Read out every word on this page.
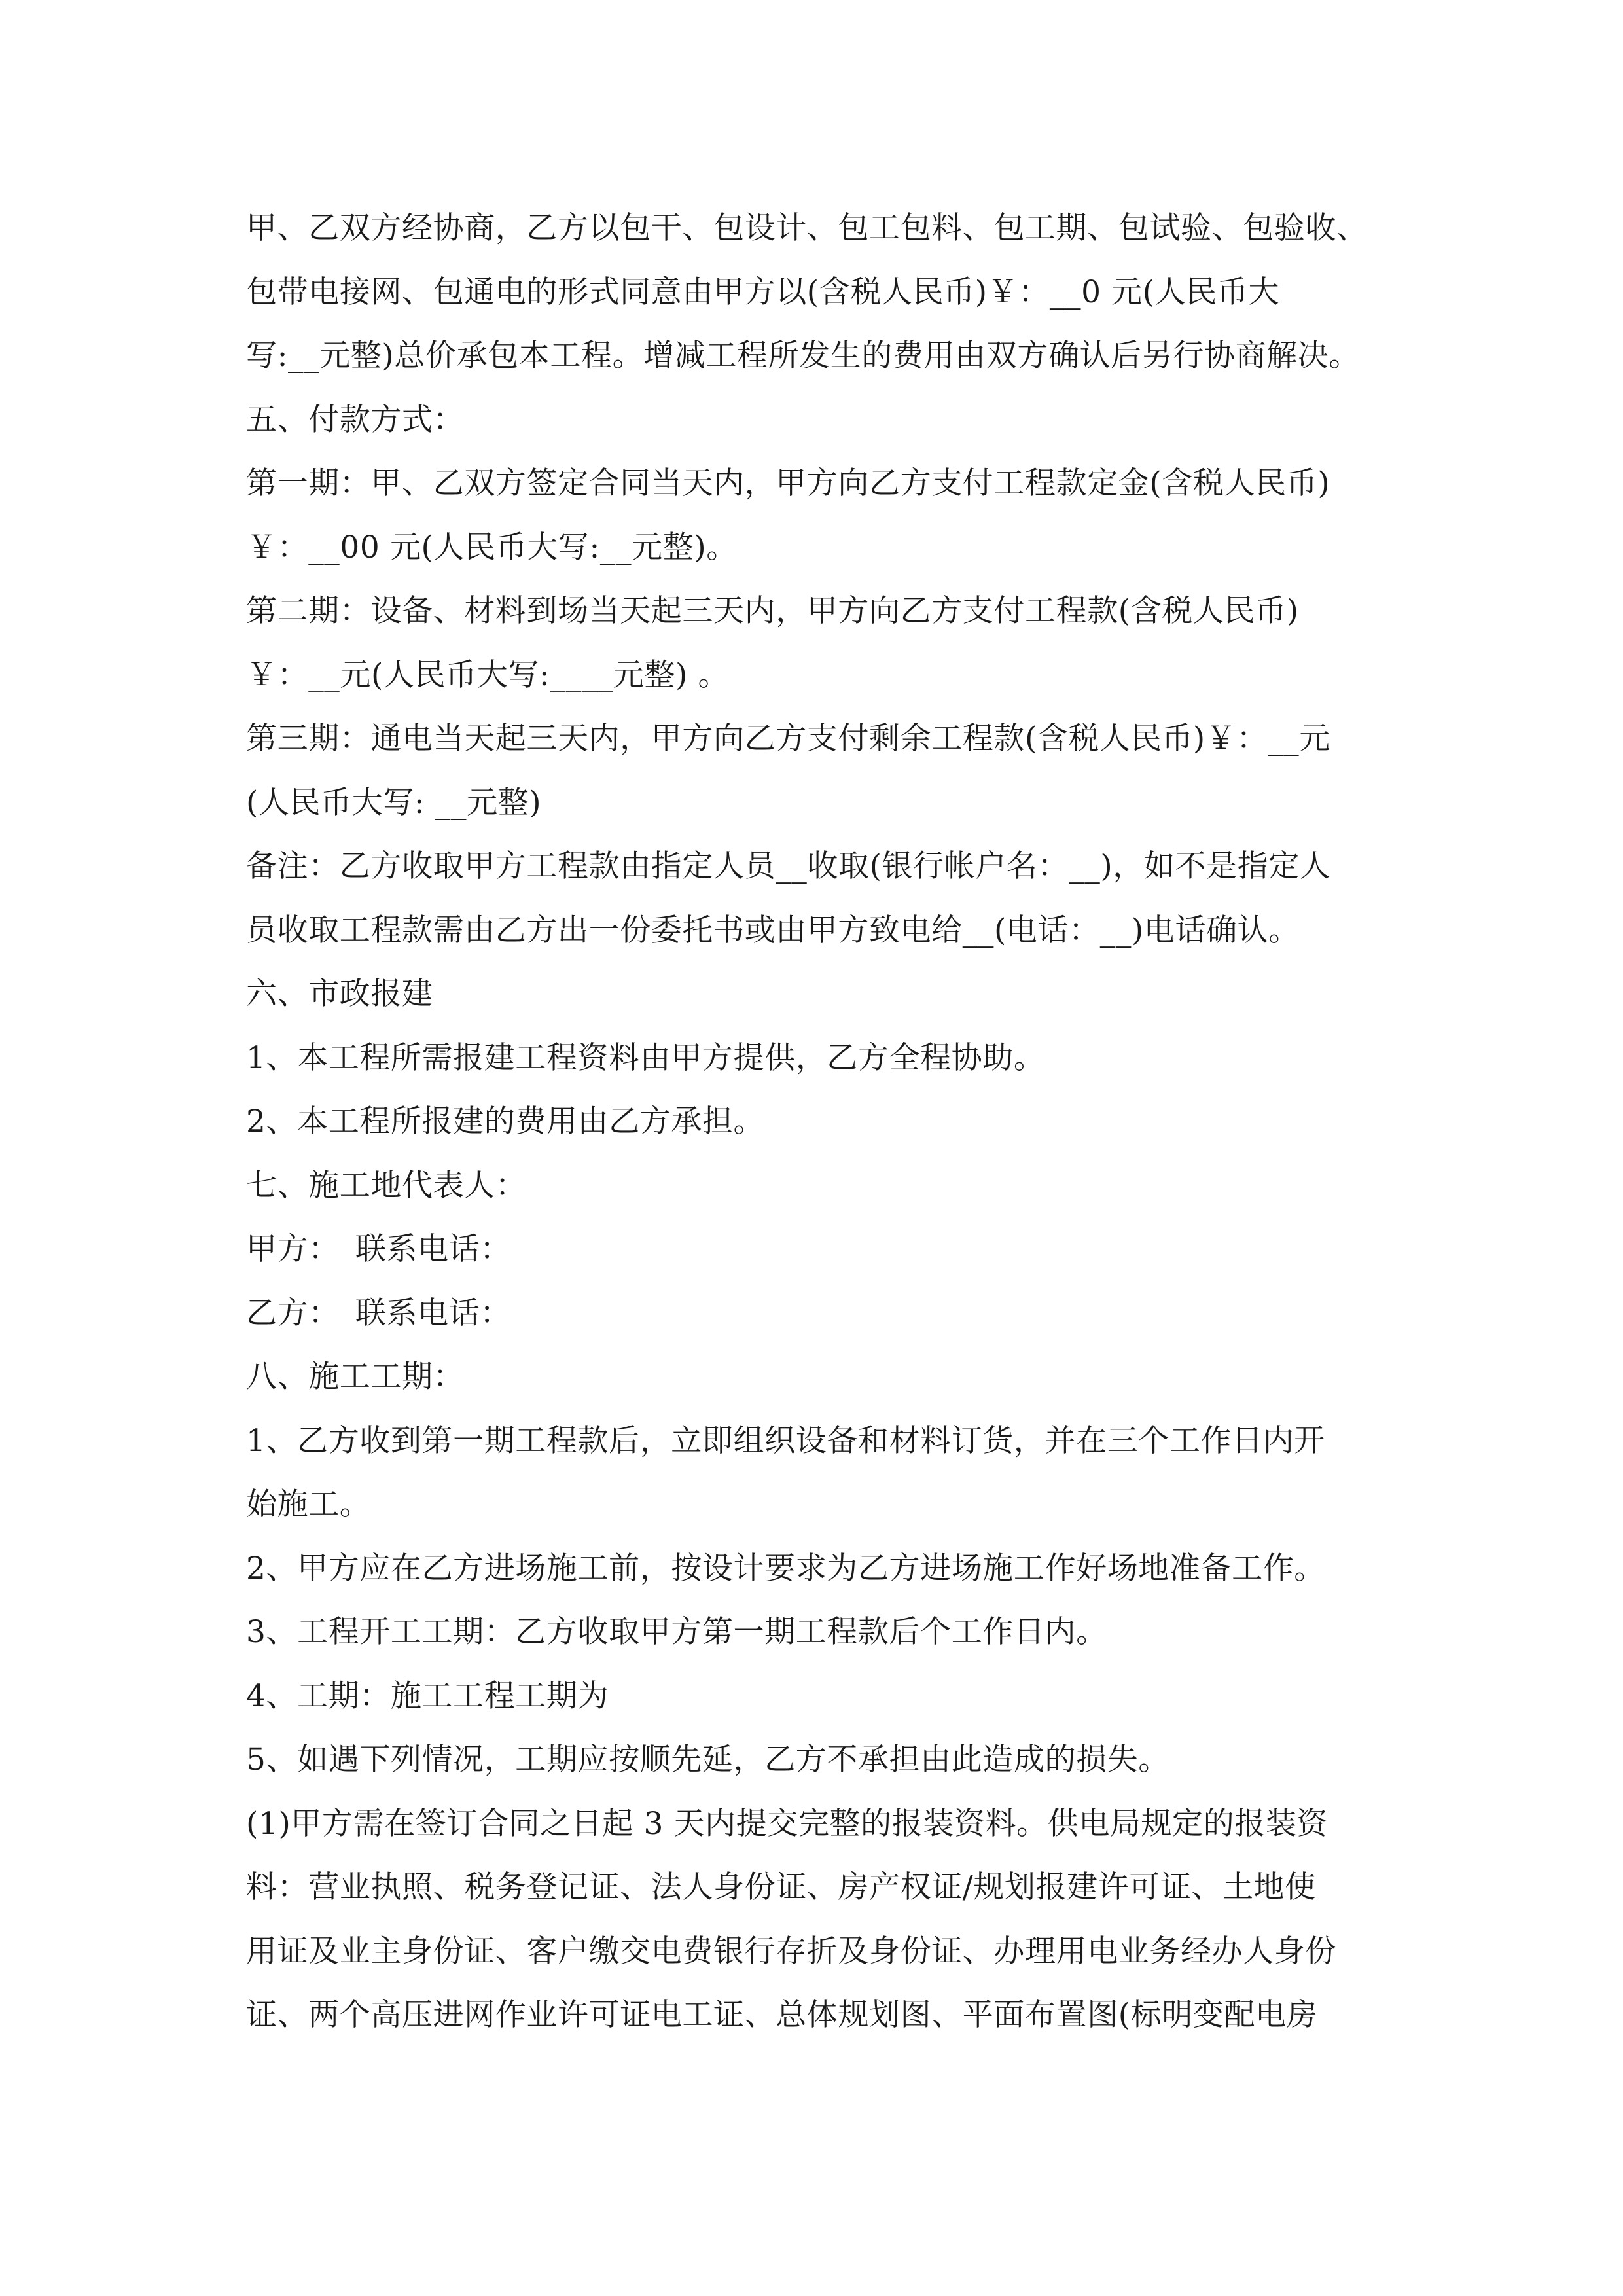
甲、乙双方经协商，乙方以包干、包设计、包工包料、包工期、包试验、包验收、
包带电接网、包通电的形式同意由甲方以(含税人民币)￥：__0 元(人民币大
写:__元整)总价承包本工程。增减工程所发生的费用由双方确认后另行协商解决。
五、付款方式：
第一期：甲、乙双方签定合同当天内，甲方向乙方支付工程款定金(含税人民币)
￥：__00 元(人民币大写:__元整)。
第二期：设备、材料到场当天起三天内，甲方向乙方支付工程款(含税人民币)
￥：__元(人民币大写:____元整) 。
第三期：通电当天起三天内，甲方向乙方支付剩余工程款(含税人民币)￥：__元
(人民币大写: __元整)
备注：乙方收取甲方工程款由指定人员__收取(银行帐户名：__)，如不是指定人
员收取工程款需由乙方出一份委托书或由甲方致电给__(电话：__)电话确认。
六、市政报建
1、本工程所需报建工程资料由甲方提供，乙方全程协助。
2、本工程所报建的费用由乙方承担。
七、施工地代表人：
甲方：　联系电话：
乙方：　联系电话：
八、施工工期：
1、乙方收到第一期工程款后，立即组织设备和材料订货，并在三个工作日内开
始施工。
2、甲方应在乙方进场施工前，按设计要求为乙方进场施工作好场地准备工作。
3、工程开工工期：乙方收取甲方第一期工程款后个工作日内。
4、工期：施工工程工期为
5、如遇下列情况，工期应按顺先延，乙方不承担由此造成的损失。
(1)甲方需在签订合同之日起 3 天内提交完整的报装资料。供电局规定的报装资
料：营业执照、税务登记证、法人身份证、房产权证/规划报建许可证、土地使
用证及业主身份证、客户缴交电费银行存折及身份证、办理用电业务经办人身份
证、两个高压进网作业许可证电工证、总体规划图、平面布置图(标明变配电房
